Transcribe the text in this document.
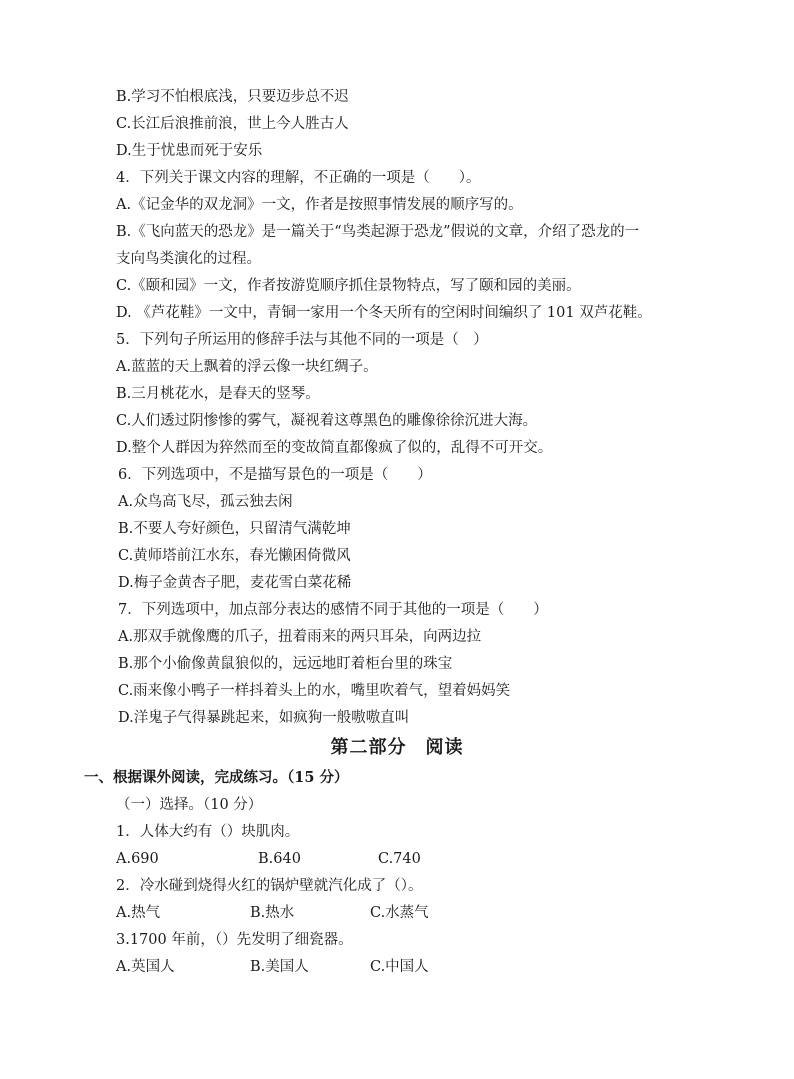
B.学习不怕根底浅，只要迈步总不迟
C.长江后浪推前浪，世上今人胜古人
D.生于忧患而死于安乐
4．下列关于课文内容的理解，不正确的一项是（　　）。
A.《记金华的双龙洞》一文，作者是按照事情发展的顺序写的。
B.《飞向蓝天的恐龙》是一篇关于“鸟类起源于恐龙”假说的文章，介绍了恐龙的一
支向鸟类演化的过程。
C.《颐和园》一文，作者按游览顺序抓住景物特点，写了颐和园的美丽。
D. 《芦花鞋》一文中，青铜一家用一个冬天所有的空闲时间编织了 101 双芦花鞋。
5．下列句子所运用的修辞手法与其他不同的一项是（　）
A.蓝蓝的天上飘着的浮云像一块红绸子。
B.三月桃花水，是春天的竖琴。
C.人们透过阴惨惨的雾气，凝视着这尊黑色的雕像徐徐沉进大海。
D.整个人群因为猝然而至的变故简直都像疯了似的，乱得不可开交。
6．下列选项中，不是描写景色的一项是（　　）
A.众鸟高飞尽，孤云独去闲
B.不要人夸好颜色，只留清气满乾坤
C.黄师塔前江水东，春光懒困倚微风
D.梅子金黄杏子肥，麦花雪白菜花稀
7．下列选项中，加点部分表达的感情不同于其他的一项是（　　）
A.那双手就像鹰的爪子，扭着雨来的两只耳朵，向两边拉
B.那个小偷像黄鼠狼似的，远远地盯着柜台里的珠宝
C.雨来像小鸭子一样抖着头上的水，嘴里吹着气，望着妈妈笑
D.洋鬼子气得暴跳起来，如疯狗一般嗷嗷直叫
第二部分　阅读
一、根据课外阅读，完成练习。（15 分）
（一）选择。（10 分）
1．人体大约有（）块肌肉。
A.690	B.640	C.740
2．冷水碰到烧得火红的锅炉壁就汽化成了（）。
A.热气	B.热水	C.水蒸气
3.1700 年前，（）先发明了细瓷器。
A.英国人	B.美国人	C.中国人
